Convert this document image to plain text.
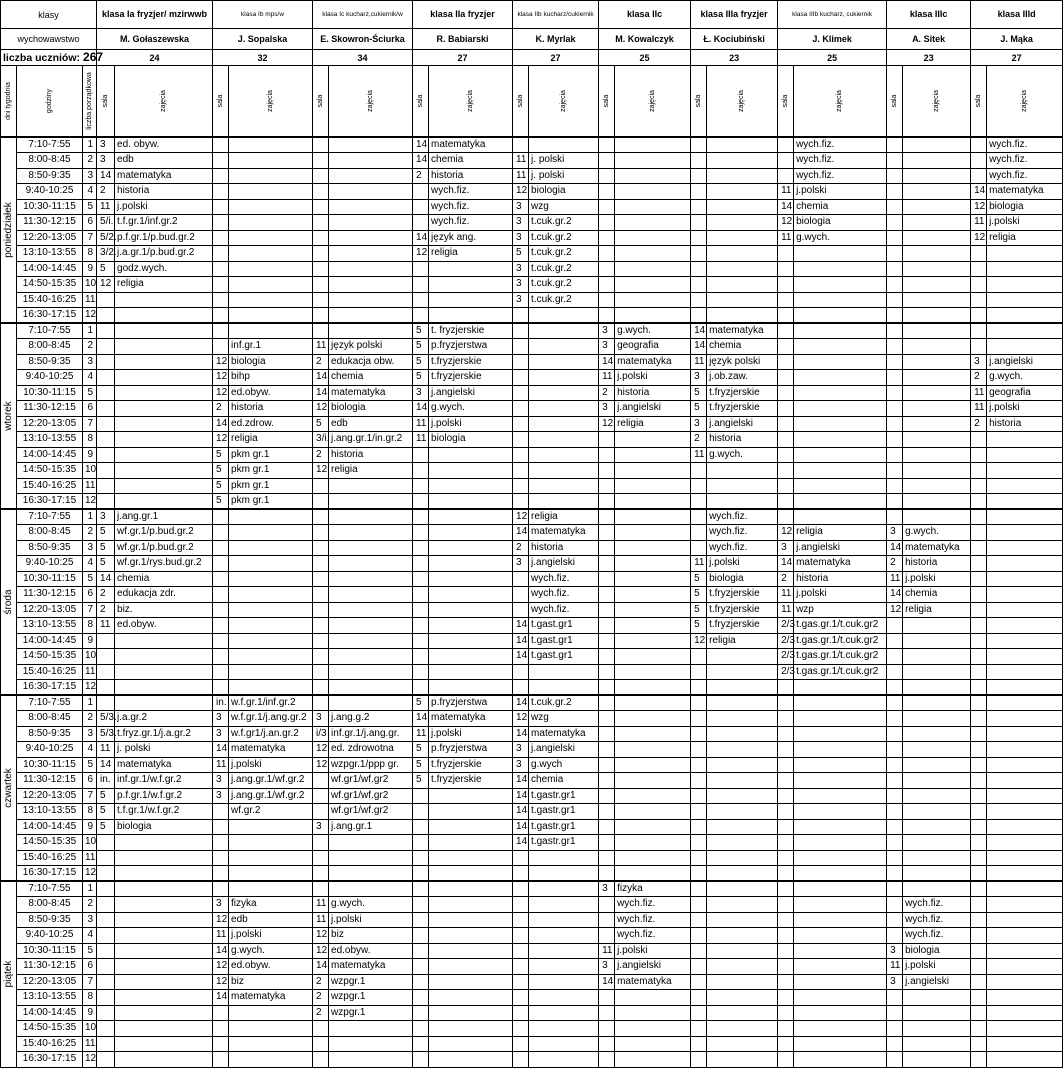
klasy			klasa Ia fryzjer/ mzirwwb		klasa Ib mps/w		klasa Ic kucharz,cukiernik/w		klasa IIa fryzjer		klasa IIb kucharz/cukiernik		klasa IIc		klasa IIIa fryzjer		klasa IIIb kucharz, cukiernik		klasa IIIc		klasa IIId	
wychowawstwo			M. Gołaszewska		J. Sopalska		E. Skowron-Ściurka		R. Babiarski		K. Myrlak		M. Kowalczyk		Ł. Kociubiński		J. Klimek		A. Sitek		J. Mąka	
liczba uczniów: 267			24		32		34		27		27		25		23		25		23		27	

dni tygodnia	godziny	liczba porządkowa	sala	zajęcia	sala	zajęcia	sala	zajęcia	sala	zajęcia	sala	zajęcia	sala	zajęcia	sala	zajęcia	sala	zajęcia	sala	zajęcia	sala	zajęcia

poniedziałek	7:10-7:55	1	3	ed. obyw.					14	matematyka								wych.fiz.				wych.fiz.
	8:00-8:45	2	3	edb					14	chemia	11	j. polski						wych.fiz.				wych.fiz.
	8:50-9:35	3	14	matematyka					2	historia	11	j. polski						wych.fiz.				wych.fiz.
	9:40-10:25	4	2	historia						wych.fiz.	12	biologia					11	j.polski			14	matematyka
	10:30-11:15	5	11	j.polski						wych.fiz.	3	wzg					14	chemia			12	biologia
	11:30-12:15	6	5/i.	t.f.gr.1/inf.gr.2						wych.fiz.	3	t.cuk.gr.2					12	biologia			11	j.polski
	12:20-13:05	7	5/2.	p.f.gr.1/p.bud.gr.2					14	język ang.	3	t.cuk.gr.2					11	g.wych.			12	religia
	13:10-13:55	8	3/2.	j.a.gr.1/p.bud.gr.2					12	religia	5	t.cuk.gr.2										
	14:00-14:45	9	5	godz.wych.							3	t.cuk.gr.2										
	14:50-15:35	10	12	religia							3	t.cuk.gr.2										
	15:40-16:25	11									3	t.cuk.gr.2										
	16:30-17:15	12																				

wtorek	7:10-7:55	1							5	t. fryzjerskie			3	g.wych.	14	matematyka						
	8:00-8:45	2				inf.gr.1	11	język polski	5	p.fryzjerstwa			3	geografia	14	chemia						
	8:50-9:35	3			12	biologia	2	edukacja obw.	5	t.fryzjerskie			14	matematyka	11	język polski					3	j.angielski
	9:40-10:25	4			12	bihp	14	chemia	5	t.fryzjerskie			11	j.polski	3	j.ob.zaw.					2	g.wych.
	10:30-11:15	5			12	ed.obyw.	14	matematyka	3	j.angielski			2	historia	5	t.fryzjerskie					11	geografia
	11:30-12:15	6			2	historia	12	biologia	14	g.wych.			3	j.angielski	5	t.fryzjerskie					11	j.polski
	12:20-13:05	7			14	ed.zdrow.	5	edb	11	j.polski			12	religia	3	j.angielski					2	historia
	13:10-13:55	8			12	religia	3/i.	j.ang.gr.1/in.gr.2	11	biologia					2	historia						
	14:00-14:45	9			5	pkm gr.1	2	historia							11	g.wych.						
	14:50-15:35	10			5	pkm gr.1	12	religia														
	15:40-16:25	11			5	pkm gr.1																
	16:30-17:15	12			5	pkm gr.1																

środa	7:10-7:55	1	3	j.ang.gr.1							12	religia				wych.fiz.						
	8:00-8:45	2	5	wf.gr.1/p.bud.gr.2							14	matematyka				wych.fiz.	12	religia	3	g.wych.		
	8:50-9:35	3	5	wf.gr.1/p.bud.gr.2							2	historia				wych.fiz.	3	j.angielski	14	matematyka		
	9:40-10:25	4	5	wf.gr.1/rys.bud.gr.2							3	j.angielski			11	j.polski	14	matematyka	2	historia		
	10:30-11:15	5	14	chemia								wych.fiz.			5	biologia	2	historia	11	j.polski		
	11:30-12:15	6	2	edukacja zdr.								wych.fiz.			5	t.fryzjerskie	11	j.polski	14	chemia		
	12:20-13:05	7	2	biz.								wych.fiz.			5	t.fryzjerskie	11	wzp	12	religia		
	13:10-13:55	8	11	ed.obyw.							14	t.gast.gr1			5	t.fryzjerskie	2/3	t.gas.gr.1/t.cuk.gr2				
	14:00-14:45	9									14	t.gast.gr1			12	religia	2/3	t.gas.gr.1/t.cuk.gr2				
	14:50-15:35	10									14	t.gast.gr1					2/3	t.gas.gr.1/t.cuk.gr2				
	15:40-16:25	11															2/3	t.gas.gr.1/t.cuk.gr2				
	16:30-17:15	12																				

czwartek	7:10-7:55	1			in.	w.f.gr.1/inf.gr.2			5	p.fryzjerstwa	14	t.cuk.gr.2										
	8:00-8:45	2	5/3.	j.a.gr.2	3	w.f.gr.1/j.ang.gr.2	3	j.ang.g.2	14	matematyka	12	wzg										
	8:50-9:35	3	5/3.	t.fryz.gr.1/j.a.gr.2	3	w.f.gr1/j.an.gr.2	i/3	inf.gr.1/j.ang.gr.	11	j.polski	14	matematyka										
	9:40-10:25	4	11	j. polski	14	matematyka	12	ed. zdrowotna	5	p.fryzjerstwa	3	j.angielski										
	10:30-11:15	5	14	matematyka	11	j.polski	12	wzpgr.1/ppp gr.	5	t.fryzjerskie	3	g.wych										
	11:30-12:15	6	in.	inf.gr.1/w.f.gr.2	3	j.ang.gr.1/wf.gr.2		wf.gr1/wf.gr2	5	t.fryzjerskie	14	chemia										
	12:20-13:05	7	5	p.f.gr.1/w.f.gr.2	3	j.ang.gr.1/wf.gr.2		wf.gr1/wf.gr2			14	t.gastr.gr1										
	13:10-13:55	8	5	t.f.gr.1/w.f.gr.2		wf.gr.2		wf.gr1/wf.gr2			14	t.gastr.gr1										
	14:00-14:45	9	5	biologia			3	j.ang.gr.1			14	t.gastr.gr1										
	14:50-15:35	10									14	t.gastr.gr1										
	15:40-16:25	11																				
	16:30-17:15	12																				

piątek	7:10-7:55	1											3	fizyka								
	8:00-8:45	2			3	fizyka	11	g.wych.						wych.fiz.						wych.fiz.		
	8:50-9:35	3			12	edb	11	j.polski						wych.fiz.						wych.fiz.		
	9:40-10:25	4			11	j.polski	12	biz						wych.fiz.						wych.fiz.		
	10:30-11:15	5			14	g.wych.	12	ed.obyw.					11	j.polski					3	biologia		
	11:30-12:15	6			12	ed.obyw.	14	matematyka					3	j.angielski					11	j.polski		
	12:20-13:05	7			12	biz	2	wzpgr.1					14	matematyka					3	j.angielski		
	13:10-13:55	8			14	matematyka	2	wzpgr.1														
	14:00-14:45	9					2	wzpgr.1														
	14:50-15:35	10																				
	15:40-16:25	11																				
	16:30-17:15	12																				
